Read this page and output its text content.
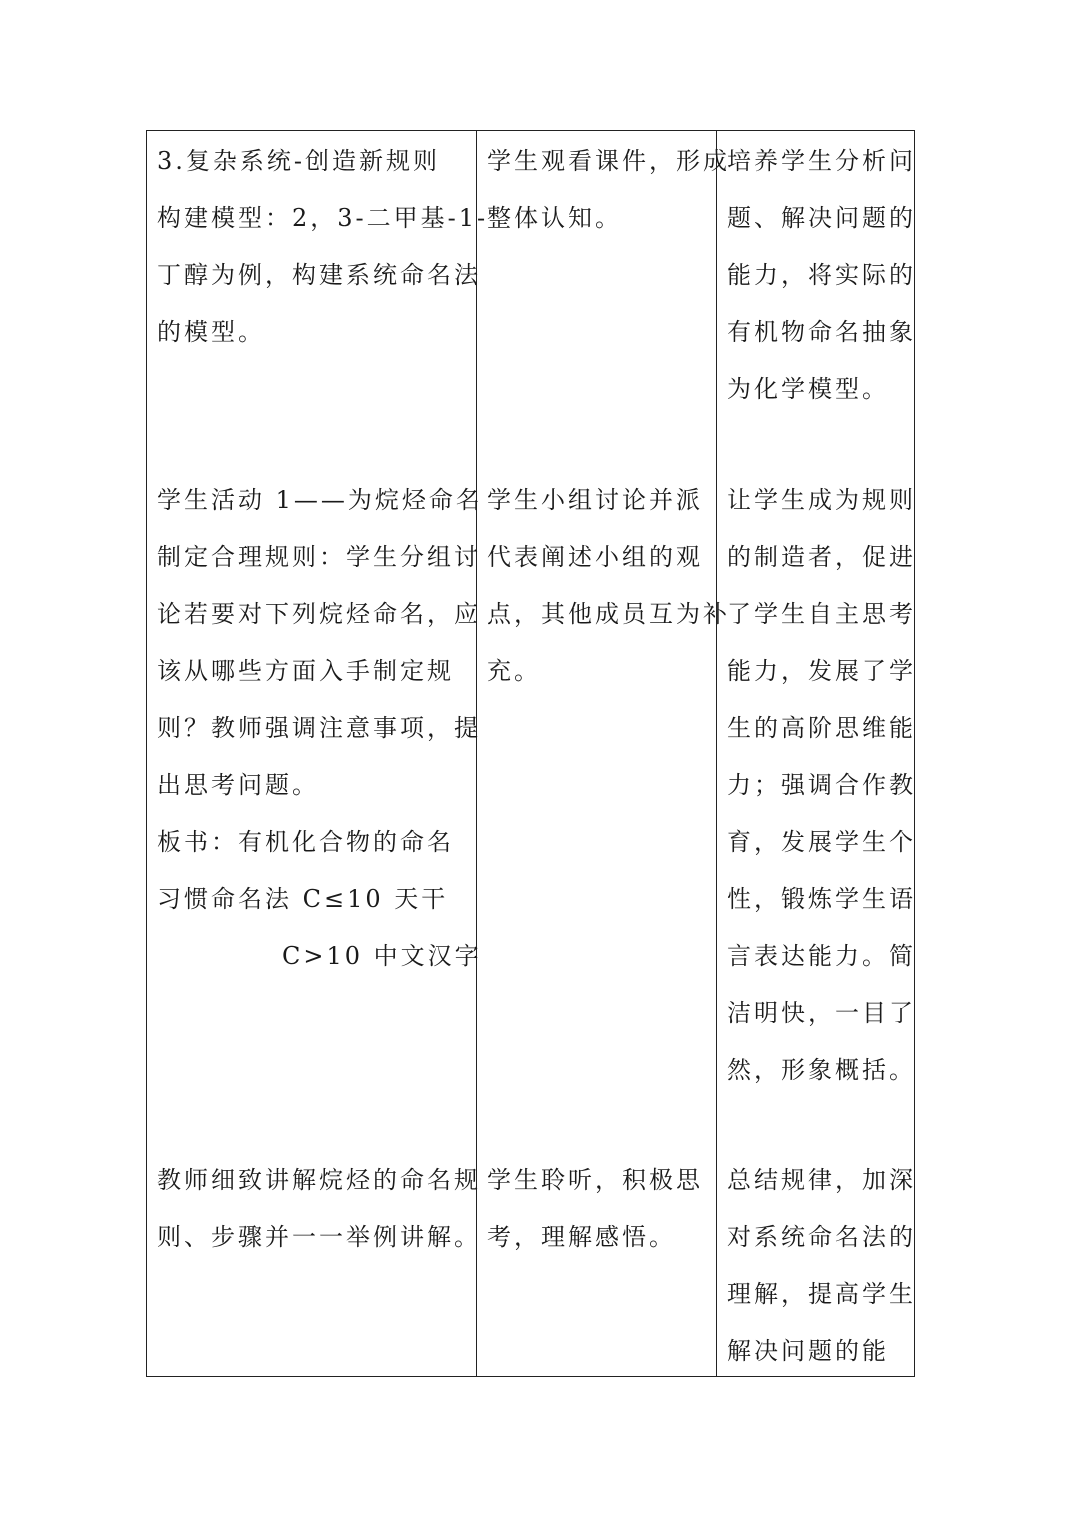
3.复杂系统-创造新规则
构建模型：2，3-二甲基-1-
丁醇为例，构建系统命名法
的模型。
学生观看课件，形成
整体认知。
培养学生分析问
题、解决问题的
能力，将实际的
有机物命名抽象
为化学模型。
学生活动 1——为烷烃命名
制定合理规则：学生分组讨
论若要对下列烷烃命名，应
该从哪些方面入手制定规
则？教师强调注意事项，提
出思考问题。
板书：有机化合物的命名
习惯命名法 C≤10 天干
C>10 中文汉字
学生小组讨论并派
代表阐述小组的观
点，其他成员互为补
充。
让学生成为规则
的制造者，促进
了学生自主思考
能力，发展了学
生的高阶思维能
力；强调合作教
育，发展学生个
性，锻炼学生语
言表达能力。简
洁明快，一目了
然，形象概括。
教师细致讲解烷烃的命名规
则、步骤并一一举例讲解。
学生聆听，积极思
考，理解感悟。
总结规律，加深
对系统命名法的
理解，提高学生
解决问题的能
